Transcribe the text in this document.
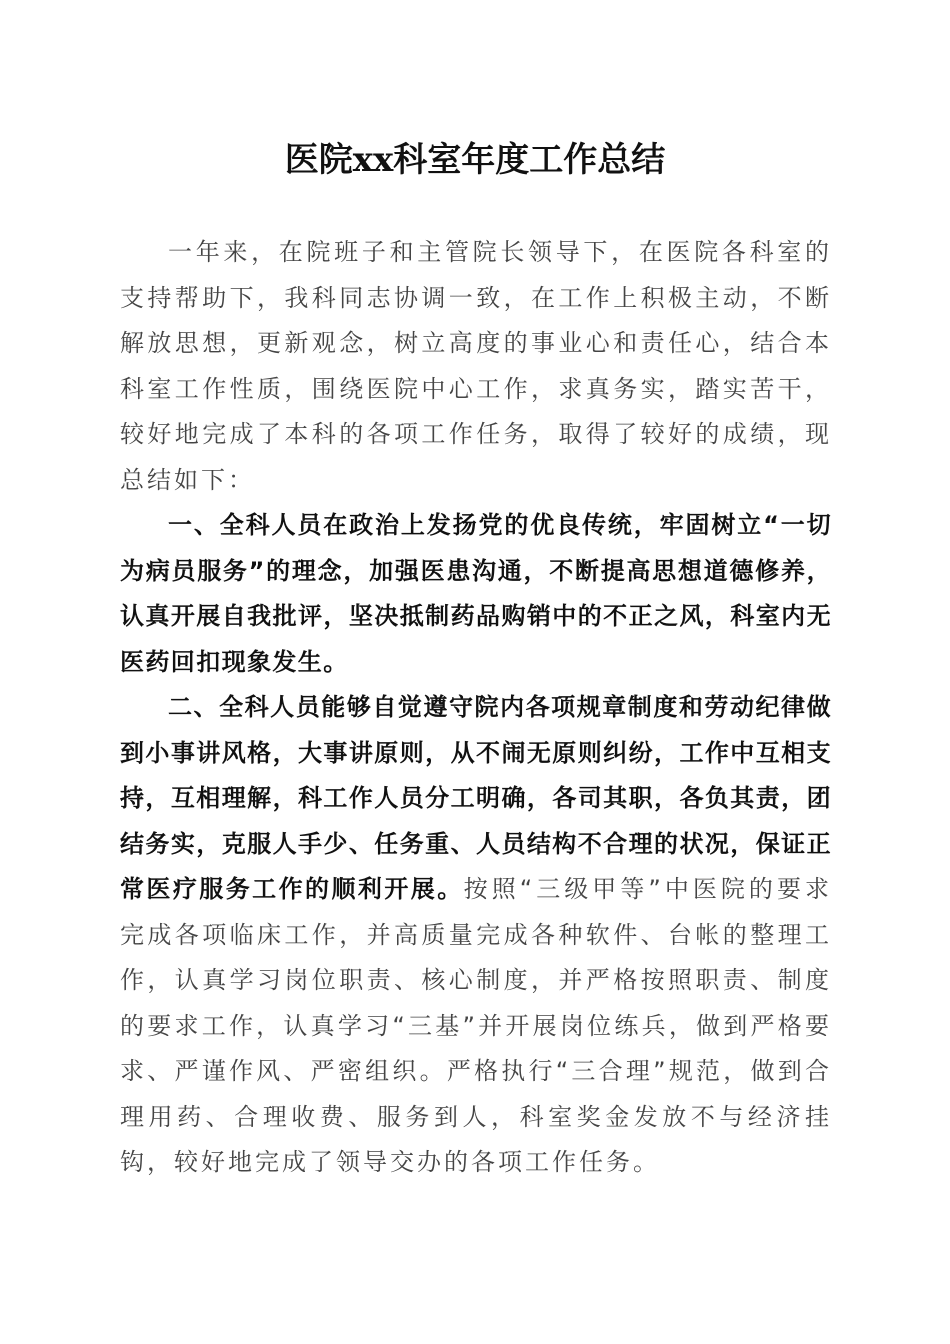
医院xx科室年度工作总结

一年来，在院班子和主管院长领导下，在医院各科室的支持帮助下，我科同志协调一致，在工作上积极主动，不断解放思想，更新观念，树立高度的事业心和责任心，结合本科室工作性质，围绕医院中心工作，求真务实，踏实苦干，较好地完成了本科的各项工作任务，取得了较好的成绩，现总结如下：

一、全科人员在政治上发扬党的优良传统，牢固树立“一切为病员服务”的理念，加强医患沟通，不断提高思想道德修养，认真开展自我批评，坚决抵制药品购销中的不正之风，科室内无医药回扣现象发生。

二、全科人员能够自觉遵守院内各项规章制度和劳动纪律做到小事讲风格，大事讲原则，从不闹无原则纠纷，工作中互相支持，互相理解，科工作人员分工明确，各司其职，各负其责，团结务实，克服人手少、任务重、人员结构不合理的状况，保证正常医疗服务工作的顺利开展。按照“三级甲等”中医院的要求完成各项临床工作，并高质量完成各种软件、台帐的整理工作，认真学习岗位职责、核心制度，并严格按照职责、制度的要求工作，认真学习“三基”并开展岗位练兵，做到严格要求、严谨作风、严密组织。严格执行“三合理”规范，做到合理用药、合理收费、服务到人，科室奖金发放不与经济挂钩，较好地完成了领导交办的各项工作任务。
